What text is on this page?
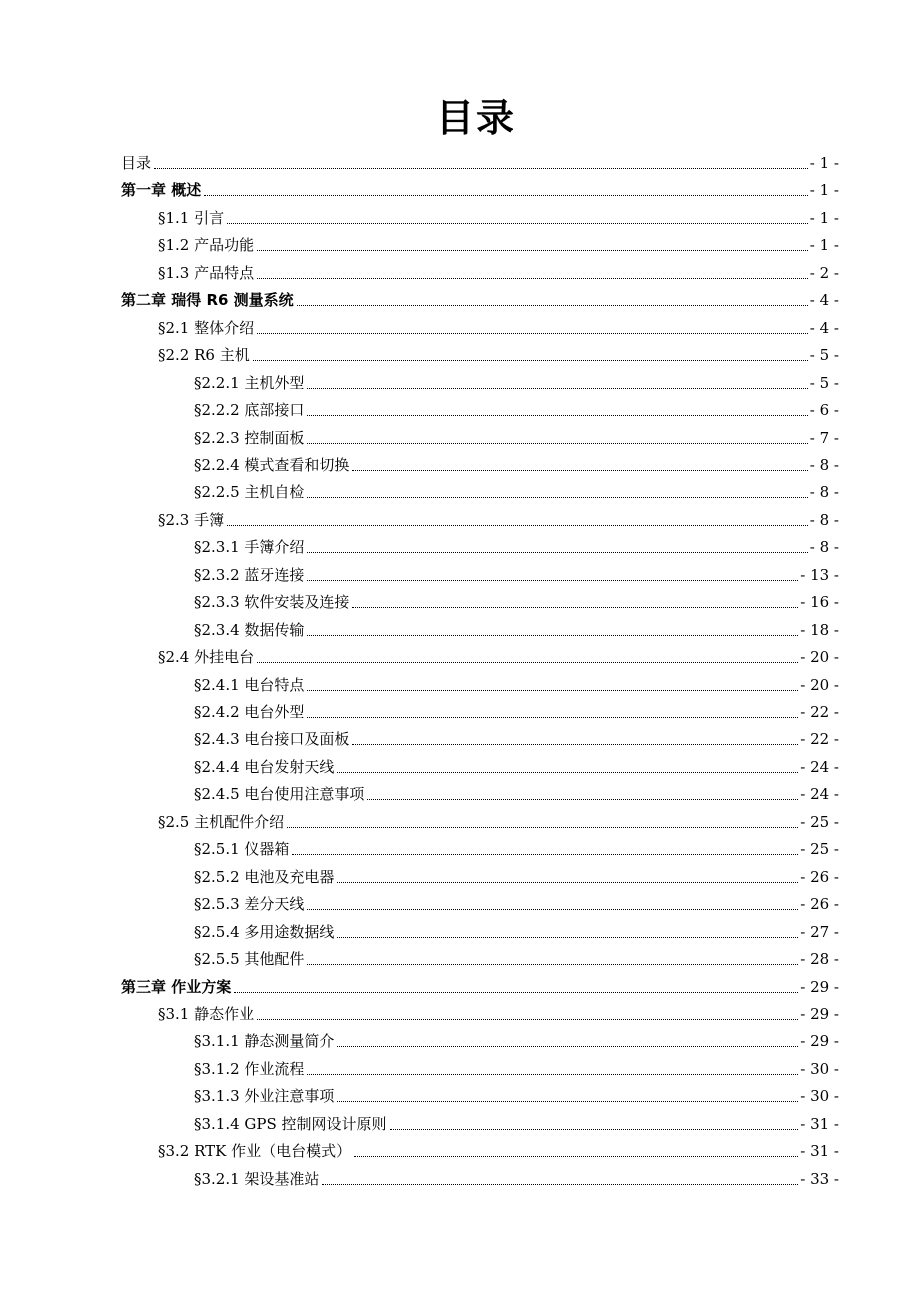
目录
目录	- 1 -
第一章 概述	- 1 -
§1.1 引言	- 1 -
§1.2 产品功能	- 1 -
§1.3 产品特点	- 2 -
第二章 瑞得 R6 测量系统	- 4 -
§2.1 整体介绍	- 4 -
§2.2 R6 主机	- 5 -
§2.2.1 主机外型	- 5 -
§2.2.2 底部接口	- 6 -
§2.2.3 控制面板	- 7 -
§2.2.4 模式查看和切换	- 8 -
§2.2.5 主机自检	- 8 -
§2.3 手簿	- 8 -
§2.3.1 手簿介绍	- 8 -
§2.3.2 蓝牙连接	- 13 -
§2.3.3 软件安装及连接	- 16 -
§2.3.4 数据传输	- 18 -
§2.4 外挂电台	- 20 -
§2.4.1 电台特点	- 20 -
§2.4.2 电台外型	- 22 -
§2.4.3 电台接口及面板	- 22 -
§2.4.4 电台发射天线	- 24 -
§2.4.5 电台使用注意事项	- 24 -
§2.5 主机配件介绍	- 25 -
§2.5.1 仪器箱	- 25 -
§2.5.2 电池及充电器	- 26 -
§2.5.3 差分天线	- 26 -
§2.5.4 多用途数据线	- 27 -
§2.5.5 其他配件	- 28 -
第三章 作业方案	- 29 -
§3.1 静态作业	- 29 -
§3.1.1 静态测量简介	- 29 -
§3.1.2 作业流程	- 30 -
§3.1.3 外业注意事项	- 30 -
§3.1.4 GPS 控制网设计原则	- 31 -
§3.2 RTK 作业（电台模式）	- 31 -
§3.2.1 架设基准站	- 33 -
